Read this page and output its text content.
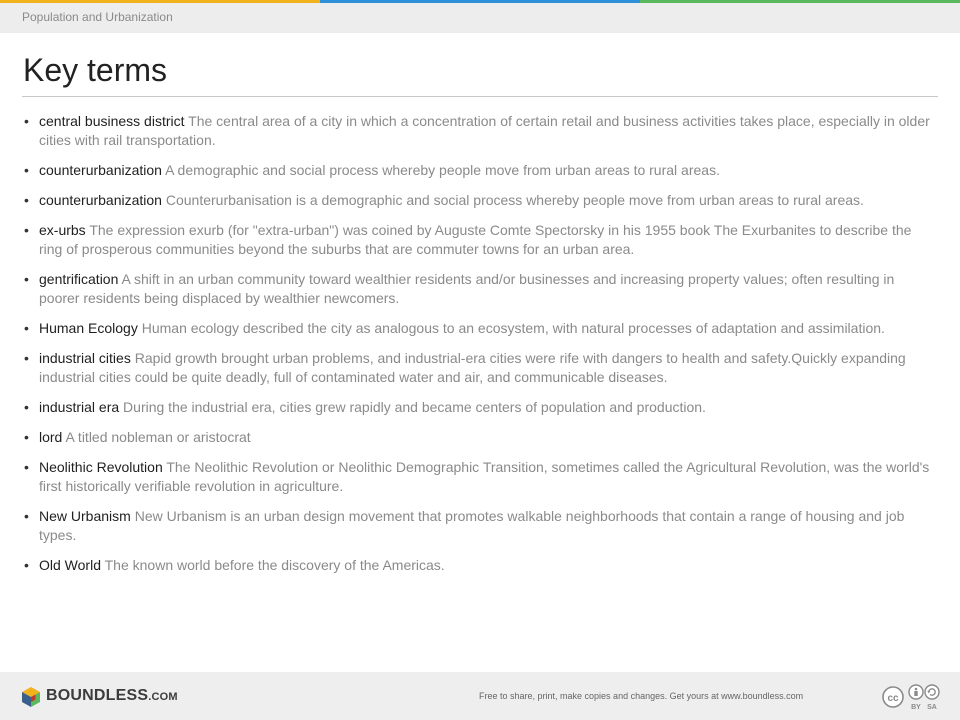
Population and Urbanization
Key terms
• central business district The central area of a city in which a concentration of certain retail and business activities takes place, especially in older cities with rail transportation.
• counterurbanization A demographic and social process whereby people move from urban areas to rural areas.
• counterurbanization Counterurbanisation is a demographic and social process whereby people move from urban areas to rural areas.
• ex-urbs The expression exurb (for "extra-urban") was coined by Auguste Comte Spectorsky in his 1955 book The Exurbanites to describe the ring of prosperous communities beyond the suburbs that are commuter towns for an urban area.
• gentrification A shift in an urban community toward wealthier residents and/or businesses and increasing property values; often resulting in poorer residents being displaced by wealthier newcomers.
• Human Ecology Human ecology described the city as analogous to an ecosystem, with natural processes of adaptation and assimilation.
• industrial cities Rapid growth brought urban problems, and industrial-era cities were rife with dangers to health and safety.Quickly expanding industrial cities could be quite deadly, full of contaminated water and air, and communicable diseases.
• industrial era During the industrial era, cities grew rapidly and became centers of population and production.
• lord A titled nobleman or aristocrat
• Neolithic Revolution The Neolithic Revolution or Neolithic Demographic Transition, sometimes called the Agricultural Revolution, was the world's first historically verifiable revolution in agriculture.
• New Urbanism New Urbanism is an urban design movement that promotes walkable neighborhoods that contain a range of housing and job types.
• Old World The known world before the discovery of the Americas.
BOUNDLESS.COM	Free to share, print, make copies and changes. Get yours at www.boundless.com	cc
BY SA
